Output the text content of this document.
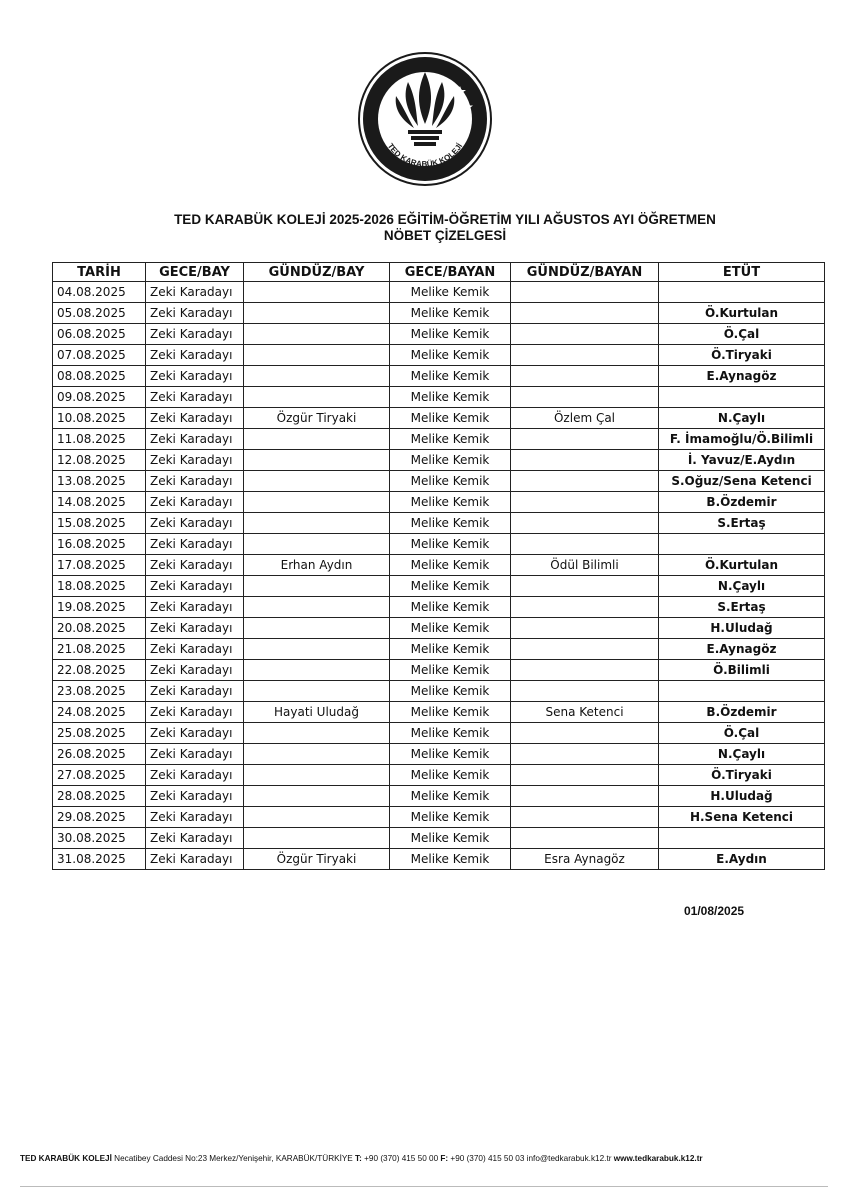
TED KARABÜK KOLEJİ
TED KARABÜK KOLEJİ 2025-2026 EĞİTİM-ÖĞRETİM YILI AĞUSTOS AYI ÖĞRETMEN
NÖBET ÇİZELGESİ
TARİH	GECE/BAY	GÜNDÜZ/BAY	GECE/BAYAN	GÜNDÜZ/BAYAN	ETÜT
04.08.2025	Zeki Karadayı		Melike Kemik		
05.08.2025	Zeki Karadayı		Melike Kemik		Ö.Kurtulan
06.08.2025	Zeki Karadayı		Melike Kemik		Ö.Çal
07.08.2025	Zeki Karadayı		Melike Kemik		Ö.Tiryaki
08.08.2025	Zeki Karadayı		Melike Kemik		E.Aynagöz
09.08.2025	Zeki Karadayı		Melike Kemik		
10.08.2025	Zeki Karadayı	Özgür Tiryaki	Melike Kemik	Özlem Çal	N.Çaylı
11.08.2025	Zeki Karadayı		Melike Kemik		F. İmamoğlu/Ö.Bilimli
12.08.2025	Zeki Karadayı		Melike Kemik		İ. Yavuz/E.Aydın
13.08.2025	Zeki Karadayı		Melike Kemik		S.Oğuz/Sena Ketenci
14.08.2025	Zeki Karadayı		Melike Kemik		B.Özdemir
15.08.2025	Zeki Karadayı		Melike Kemik		S.Ertaş
16.08.2025	Zeki Karadayı		Melike Kemik		
17.08.2025	Zeki Karadayı	Erhan Aydın	Melike Kemik	Ödül Bilimli	Ö.Kurtulan
18.08.2025	Zeki Karadayı		Melike Kemik		N.Çaylı
19.08.2025	Zeki Karadayı		Melike Kemik		S.Ertaş
20.08.2025	Zeki Karadayı		Melike Kemik		H.Uludağ
21.08.2025	Zeki Karadayı		Melike Kemik		E.Aynagöz
22.08.2025	Zeki Karadayı		Melike Kemik		Ö.Bilimli
23.08.2025	Zeki Karadayı		Melike Kemik		
24.08.2025	Zeki Karadayı	Hayati Uludağ	Melike Kemik	Sena Ketenci	B.Özdemir
25.08.2025	Zeki Karadayı		Melike Kemik		Ö.Çal
26.08.2025	Zeki Karadayı		Melike Kemik		N.Çaylı
27.08.2025	Zeki Karadayı		Melike Kemik		Ö.Tiryaki
28.08.2025	Zeki Karadayı		Melike Kemik		H.Uludağ
29.08.2025	Zeki Karadayı		Melike Kemik		H.Sena Ketenci
30.08.2025	Zeki Karadayı		Melike Kemik		
31.08.2025	Zeki Karadayı	Özgür Tiryaki	Melike Kemik	Esra Aynagöz	E.Aydın
01/08/2025
TED KARABÜK KOLEJİ Necatibey Caddesi No:23 Merkez/Yenişehir, KARABÜK/TÜRKİYE T: +90 (370) 415 50 00 F: +90 (370) 415 50 03 info@tedkarabuk.k12.tr www.tedkarabuk.k12.tr
